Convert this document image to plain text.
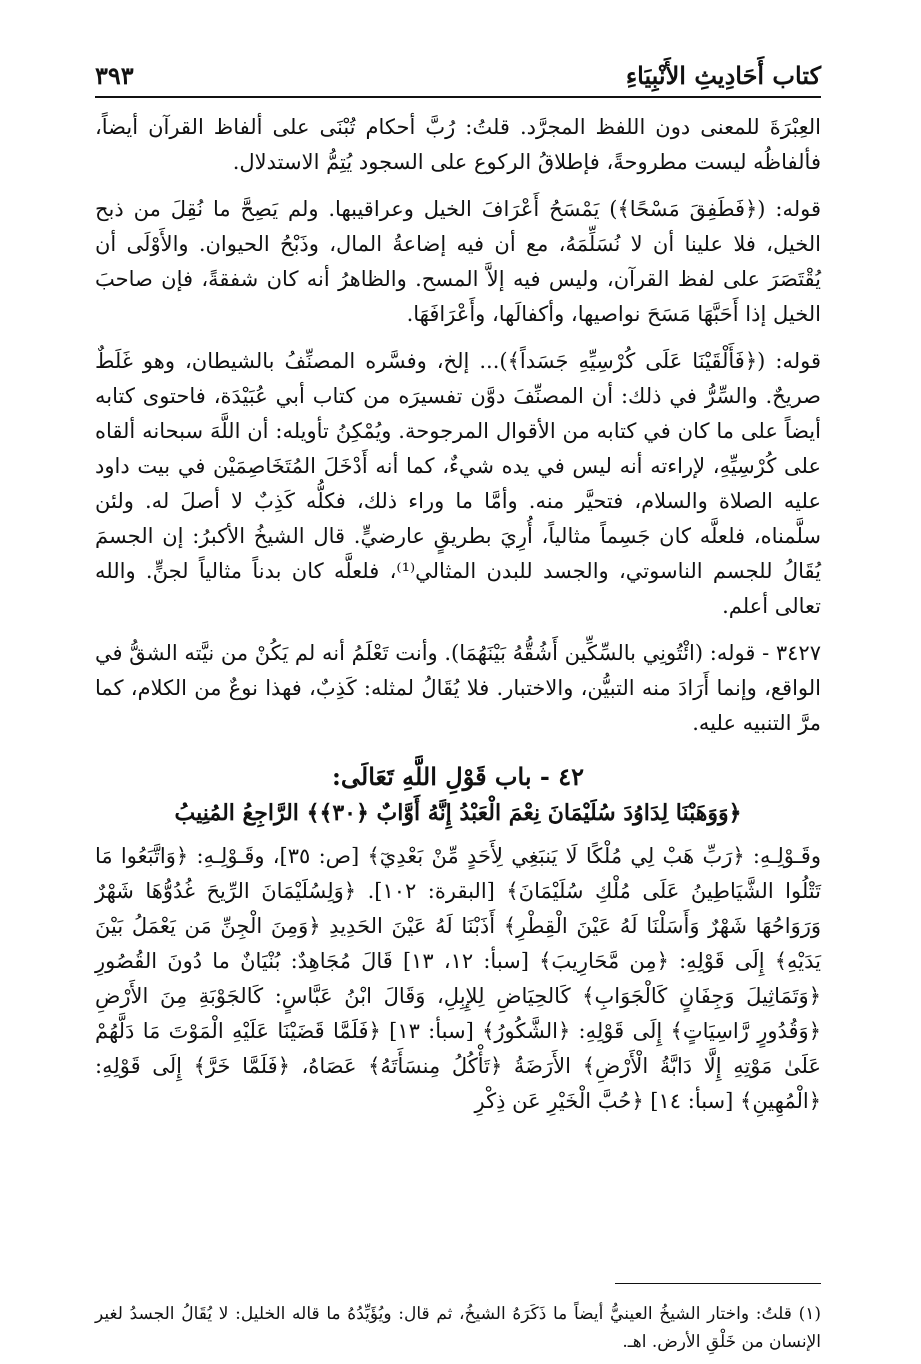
كتاب أَحَادِيثِ الأَنْبِيَاءِ
٣٩٣

العِبْرَةَ للمعنى دون اللفظ المجرَّد. قلتُ: رُبَّ أحكام تُبْنَى على ألفاظ القرآن أيضاً، فألفاظُه ليست مطروحةً، فإطلاقُ الركوع على السجود يُتِمُّ الاستدلال.

قوله: (﴿فَطَفِقَ مَسْحًا﴾) يَمْسَحُ أَعْرَافَ الخيل وعراقيبها. ولم يَصِحَّ ما نُقِلَ من ذبح الخيل، فلا علينا أن لا نُسَلِّمَهُ، مع أن فيه إضاعةُ المال، وذَبْحُ الحيوان. والأَوْلَى أن يُقْتَصَرَ على لفظ القرآن، وليس فيه إلاَّ المسح. والظاهرُ أنه كان شفقةً، فإن صاحبَ الخيل إذا أَحَبَّهَا مَسَحَ نواصيها، وأكفالَها، وأَعْرَافَهَا.

قوله: (﴿فَأَلْقَيْنَا عَلَى كُرْسِيِّهِ جَسَداً﴾)... إلخ، وفسَّره المصنِّفُ بالشيطان، وهو غَلَطٌ صريحٌ. والسِّرُّ في ذلك: أن المصنِّفَ دوَّن تفسيرَه من كتاب أبي عُبَيْدَة، فاحتوى كتابه أيضاً على ما كان في كتابه من الأقوال المرجوحة. ويُمْكِنُ تأويله: أن اللَّهَ سبحانه ألقاه على كُرْسِيِّهِ، لإراءته أنه ليس في يده شيءٌ، كما أنه أَدْخَلَ المُتَخَاصِمَيْن في بيت داود عليه الصلاة والسلام، فتحيَّر منه. وأمَّا ما وراء ذلك، فكلُّه كَذِبٌ لا أصلَ له. ولئن سلَّمناه، فلعلَّه كان جَسِماً مثالياً، أُرِيَ بطريقٍ عارضيٍّ. قال الشيخُ الأكبرُ: إن الجسمَ يُقَالُ للجسم الناسوتي، والجسد للبدن المثالي⁽¹⁾، فلعلَّه كان بدناً مثالياً لجنٍّ. والله تعالى أعلم.

٣٤٢٧ - قوله: (ائْتُونِي بالسِّكِّين أَشُقُّهُ بَيْنَهُمَا). وأنت تَعْلَمُ أنه لم يَكُنْ من نيَّته الشقُّ في الواقع، وإنما أَرَادَ منه التبيُّن، والاختبار. فلا يُقَالُ لمثله: كَذِبٌ، فهذا نوعٌ من الكلام، كما مرَّ التنبيه عليه.

٤٢ - باب قَوْلِ اللَّهِ تَعَالَى:
﴿وَوَهَبْنَا لِدَاوُدَ سُلَيْمَانَ نِعْمَ الْعَبْدُ إِنَّهُ أَوَّابٌ ﴿٣٠﴾﴾ الرَّاجِعُ المُنِيبُ

وقَـوْلِـهِ: ﴿رَبِّ هَبْ لِي مُلْكًا لَا يَنبَغِي لِأَحَدٍ مِّنْ بَعْدِيٓ﴾ [ص: ٣٥]، وقَـوْلِـهِ: ﴿وَاتَّبَعُوا مَا تَتْلُوا الشَّيَاطِينُ عَلَى مُلْكِ سُلَيْمَانَ﴾ [البقرة: ١٠٢]. ﴿وَلِسُلَيْمَانَ الرِّيحَ غُدُوُّهَا شَهْرٌ وَرَوَاحُهَا شَهْرٌ وَأَسَلْنَا لَهُ عَيْنَ الْقِطْرِ﴾ أَذَبْنَا لَهُ عَيْنَ الحَدِيدِ ﴿وَمِنَ الْجِنِّ مَن يَعْمَلُ بَيْنَ يَدَيْهِ﴾ إِلَى قَوْلِهِ: ﴿مِن مَّحَارِيبَ﴾ [سبأ: ١٢، ١٣] قَالَ مُجَاهِدٌ: بُنْيَانٌ ما دُونَ القُصُورِ ﴿وَتَمَاثِيلَ وَجِفَانٍ كَالْجَوَابِ﴾ كَالحِيَاضِ لِلإِبِلِ، وَقَالَ ابْنُ عَبَّاسٍ: كَالجَوْبَةِ مِنَ الأَرْضِ ﴿وَقُدُورٍ رَّاسِيَاتٍ﴾ إِلَى قَوْلِهِ: ﴿الشَّكُورُ﴾ [سبأ: ١٣] ﴿فَلَمَّا قَضَيْنَا عَلَيْهِ الْمَوْتَ مَا دَلَّهُمْ عَلَىٰ مَوْتِهِ إِلَّا دَابَّةُ الْأَرْضِ﴾ الأَرَضَةُ ﴿تَأْكُلُ مِنسَأَتَهُ﴾ عَصَاهُ، ﴿فَلَمَّا خَرَّ﴾ إِلَى قَوْلِهِ: ﴿الْمُهِينِ﴾ [سبأ: ١٤] ﴿حُبَّ الْخَيْرِ عَن ذِكْرِ

(١) قلتُ: واختار الشيخُ العينيُّ أيضاً ما ذَكَرَهُ الشيخُ، ثم قال: ويُؤَيِّدُهُ ما قاله الخليل: لا يُقَالُ الجسدُ لغير الإنسان من خَلْقِ الأرض. اهـ.
